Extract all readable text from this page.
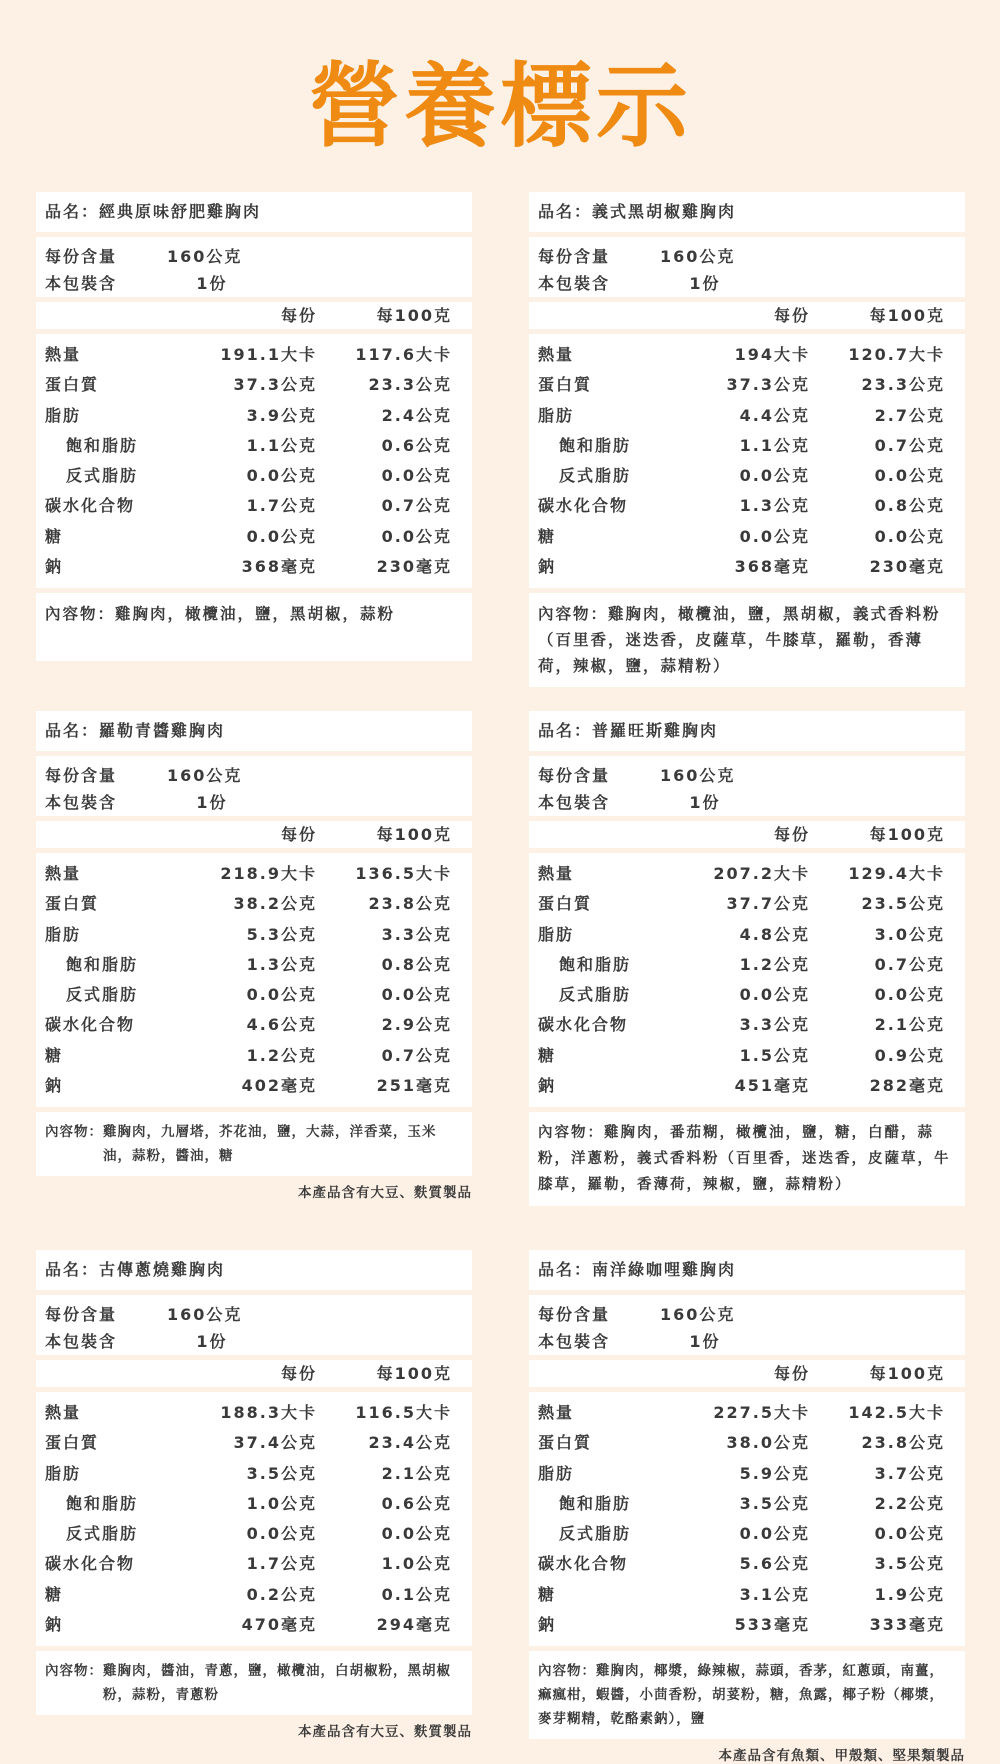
營養標示
品名：經典原味舒肥雞胸肉
每份含量	160公克
本包裝含	1份
每份	每100克
熱量	191.1大卡	117.6大卡
蛋白質	37.3公克	23.3公克
脂肪	3.9公克	2.4公克
飽和脂肪	1.1公克	0.6公克
反式脂肪	0.0公克	0.0公克
碳水化合物	1.7公克	0.7公克
糖	0.0公克	0.0公克
鈉	368毫克	230毫克
內容物：雞胸肉，橄欖油，鹽，黑胡椒，蒜粉
品名：義式黑胡椒雞胸肉
每份含量	160公克
本包裝含	1份
每份	每100克
熱量	194大卡	120.7大卡
蛋白質	37.3公克	23.3公克
脂肪	4.4公克	2.7公克
飽和脂肪	1.1公克	0.7公克
反式脂肪	0.0公克	0.0公克
碳水化合物	1.3公克	0.8公克
糖	0.0公克	0.0公克
鈉	368毫克	230毫克
內容物：雞胸肉，橄欖油，鹽，黑胡椒，義式香料粉（百里香，迷迭香，皮薩草，牛膝草，羅勒，香薄荷，辣椒，鹽，蒜精粉）
品名：羅勒青醬雞胸肉
每份含量	160公克
本包裝含	1份
每份	每100克
熱量	218.9大卡	136.5大卡
蛋白質	38.2公克	23.8公克
脂肪	5.3公克	3.3公克
飽和脂肪	1.3公克	0.8公克
反式脂肪	0.0公克	0.0公克
碳水化合物	4.6公克	2.9公克
糖	1.2公克	0.7公克
鈉	402毫克	251毫克
內容物：雞胸肉，九層塔，芥花油，鹽，大蒜，洋香菜，玉米油，蒜粉，醬油，糖
本產品含有大豆、麩質製品
品名：普羅旺斯雞胸肉
每份含量	160公克
本包裝含	1份
每份	每100克
熱量	207.2大卡	129.4大卡
蛋白質	37.7公克	23.5公克
脂肪	4.8公克	3.0公克
飽和脂肪	1.2公克	0.7公克
反式脂肪	0.0公克	0.0公克
碳水化合物	3.3公克	2.1公克
糖	1.5公克	0.9公克
鈉	451毫克	282毫克
內容物：雞胸肉，番茄糊，橄欖油，鹽，糖，白醋，蒜粉，洋蔥粉，義式香料粉（百里香，迷迭香，皮薩草，牛膝草，羅勒，香薄荷，辣椒，鹽，蒜精粉）
品名：古傳蔥燒雞胸肉
每份含量	160公克
本包裝含	1份
每份	每100克
熱量	188.3大卡	116.5大卡
蛋白質	37.4公克	23.4公克
脂肪	3.5公克	2.1公克
飽和脂肪	1.0公克	0.6公克
反式脂肪	0.0公克	0.0公克
碳水化合物	1.7公克	1.0公克
糖	0.2公克	0.1公克
鈉	470毫克	294毫克
內容物：雞胸肉，醬油，青蔥，鹽，橄欖油，白胡椒粉，黑胡椒粉，蒜粉，青蔥粉
本產品含有大豆、麩質製品
品名：南洋綠咖哩雞胸肉
每份含量	160公克
本包裝含	1份
每份	每100克
熱量	227.5大卡	142.5大卡
蛋白質	38.0公克	23.8公克
脂肪	5.9公克	3.7公克
飽和脂肪	3.5公克	2.2公克
反式脂肪	0.0公克	0.0公克
碳水化合物	5.6公克	3.5公克
糖	3.1公克	1.9公克
鈉	533毫克	333毫克
內容物：雞胸肉，椰漿，綠辣椒，蒜頭，香茅，紅蔥頭，南薑，痲瘋柑，蝦醬，小茴香粉，胡荽粉，糖，魚露，椰子粉（椰漿，麥芽糊精，乾酪素鈉），鹽
本產品含有魚類、甲殼類、堅果類製品
